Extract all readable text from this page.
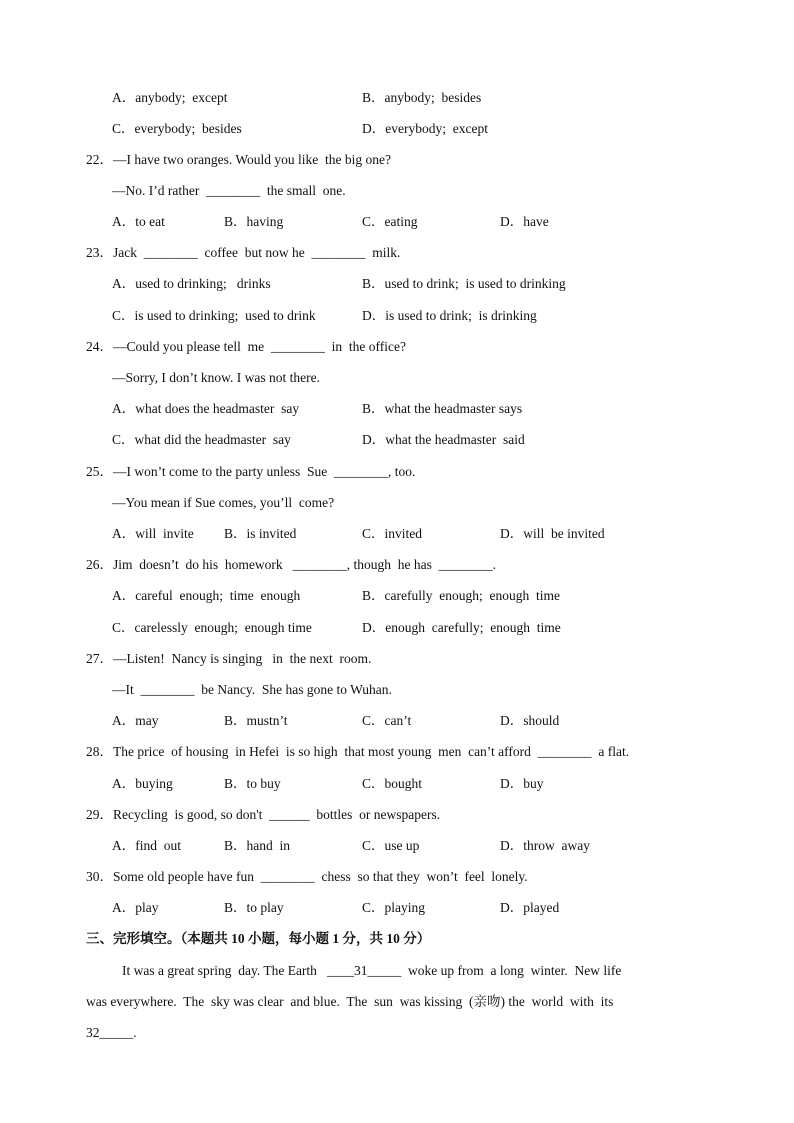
A．anybody;  except	B．anybody;  besides
C．everybody;  besides	D．everybody;  except
22．—I have two oranges. Would you like  the big one?
—No. I’d rather  ________  the small  one.
A．to eat	B．having	C．eating	D．have
23．Jack  ________  coffee  but now he  ________  milk.
A．used to drinking;   drinks	B．used to drink;  is used to drinking
C．is used to drinking;  used to drink	D．is used to drink;  is drinking
24．—Could you please tell  me  ________  in  the office?
—Sorry, I don’t know. I was not there.
A．what does the headmaster  say	B．what the headmaster says
C．what did the headmaster  say	D．what the headmaster  said
25．—I won’t come to the party unless  Sue  ________, too.
—You mean if Sue comes, you’ll  come?
A．will  invite B．is invited	C．invited	D．will  be invited
26．Jim  doesn’t  do his  homework   ________, though  he has  ________.
A．careful  enough;  time  enough	B．carefully  enough;  enough  time
C．carelessly  enough;  enough time	D．enough  carefully;  enough  time
27．—Listen!  Nancy is singing   in  the next  room.
—It  ________  be Nancy.  She has gone to Wuhan.
A．may	B．mustn’t	C．can’t	D．should
28．The price  of housing  in Hefei  is so high  that most young  men  can’t afford  ________  a flat.
A．buying	B．to buy	C．bought	D．buy
29．Recycling  is good, so don't  ______  bottles  or newspapers.
A．find  out	B．hand  in	C．use up	D．throw  away
30．Some old people have fun  ________  chess  so that they  won’t  feel  lonely.
A．play	B．to play	C．playing	D．played
三、完形填空。（本题共 10 小题，每小题 1 分，共 10 分）
It was a great spring  day. The Earth   ____31_____  woke up from  a long  winter.  New life
was everywhere.  The  sky was clear  and blue.  The  sun  was kissing  (亲吻) the  world  with  its
32_____.
